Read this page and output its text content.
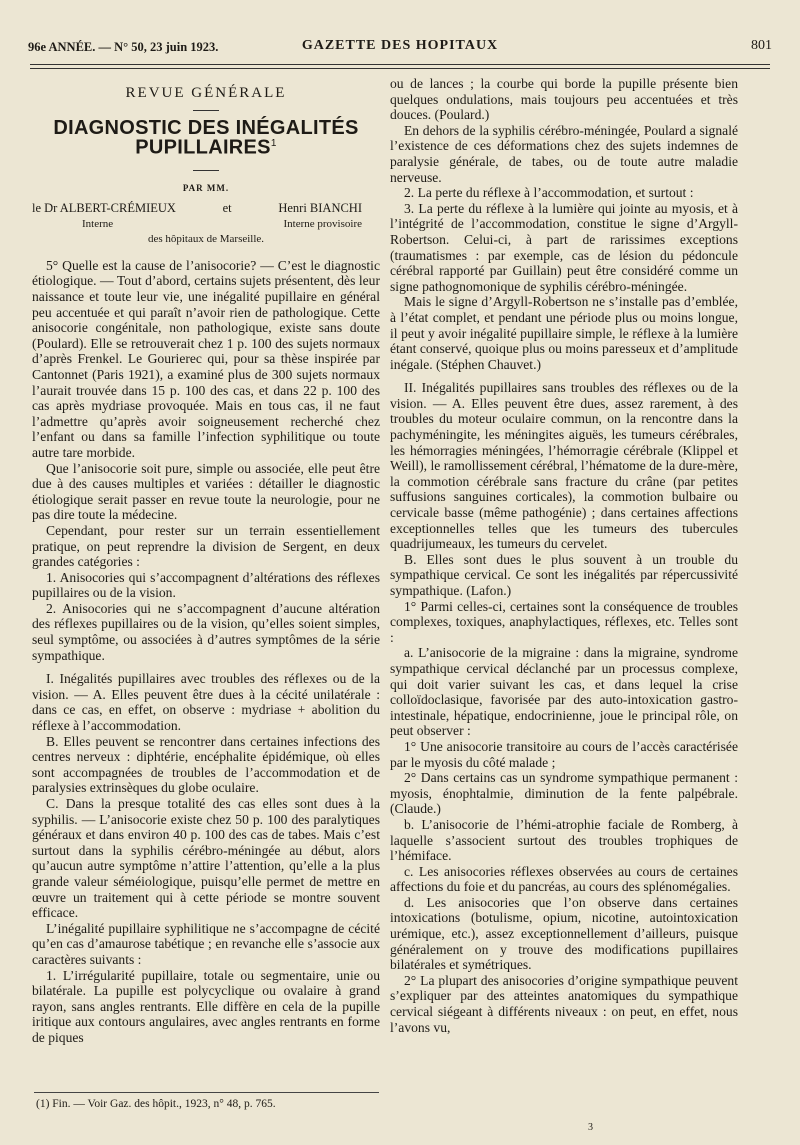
96e ANNÉE. — N° 50, 23 juin 1923.	GAZETTE DES HOPITAUX	801
REVUE GÉNÉRALE
DIAGNOSTIC DES INÉGALITÉS PUPILLAIRES$^1$
PAR MM.
le Dr ALBERT-CRÉMIEUX	et	Henri BIANCHI
Interne	Interne provisoire
des hôpitaux de Marseille.

5° Quelle est la cause de l’anisocorie? — C’est le diagnostic étiologique. — Tout d’abord, certains sujets présentent, dès leur naissance et toute leur vie, une inégalité pupillaire en général peu accentuée et qui paraît n’avoir rien de pathologique. Cette anisocorie congénitale, non pathologique, existe sans doute (Poulard). Elle se retrouverait chez 1 p. 100 des sujets normaux d’après Frenkel. Le Gourierec qui, pour sa thèse inspirée par Cantonnet (Paris 1921), a examiné plus de 300 sujets normaux l’aurait trouvée dans 15 p. 100 des cas, et dans 22 p. 100 des cas après mydriase provoquée. Mais en tous cas, il ne faut l’admettre qu’après avoir soigneusement recherché chez l’enfant ou dans sa famille l’infection syphilitique ou toute autre tare morbide.

Que l’anisocorie soit pure, simple ou associée, elle peut être due à des causes multiples et variées : détailler le diagnostic étiologique serait passer en revue toute la neurologie, pour ne pas dire toute la médecine.

Cependant, pour rester sur un terrain essentiellement pratique, on peut reprendre la division de Sergent, en deux grandes catégories :

1. Anisocories qui s’accompagnent d’altérations des réflexes pupillaires ou de la vision.

2. Anisocories qui ne s’accompagnent d’aucune altération des réflexes pupillaires ou de la vision, qu’elles soient simples, seul symptôme, ou associées à d’autres symptômes de la série sympathique.

I. Inégalités pupillaires avec troubles des réflexes ou de la vision. — A. Elles peuvent être dues à la cécité unilatérale : dans ce cas, en effet, on observe : mydriase + abolition du réflexe à l’accommodation.

B. Elles peuvent se rencontrer dans certaines infections des centres nerveux : diphtérie, encéphalite épidémique, où elles sont accompagnées de troubles de l’accommodation et de paralysies extrinsèques du globe oculaire.

C. Dans la presque totalité des cas elles sont dues à la syphilis. — L’anisocorie existe chez 50 p. 100 des paralytiques généraux et dans environ 40 p. 100 des cas de tabes. Mais c’est surtout dans la syphilis cérébro-méningée au début, alors qu’aucun autre symptôme n’attire l’attention, qu’elle a la plus grande valeur séméiologique, puisqu’elle permet de mettre en œuvre un traitement qui à cette période se montre souvent efficace.

L’inégalité pupillaire syphilitique ne s’accompagne de cécité qu’en cas d’amaurose tabétique ; en revanche elle s’associe aux caractères suivants :

1. L’irrégularité pupillaire, totale ou segmentaire, unie ou bilatérale. La pupille est polycyclique ou ovalaire à grand rayon, sans angles rentrants. Elle diffère en cela de la pupille iritique aux contours angulaires, avec angles rentrants en forme de piques

ou de lances ; la courbe qui borde la pupille présente bien quelques ondulations, mais toujours peu accentuées et très douces. (Poulard.)

En dehors de la syphilis cérébro-méningée, Poulard a signalé l’existence de ces déformations chez des sujets indemnes de paralysie générale, de tabes, ou de toute autre maladie nerveuse.

2. La perte du réflexe à l’accommodation, et surtout :

3. La perte du réflexe à la lumière qui jointe au myosis, et à l’intégrité de l’accommodation, constitue le signe d’Argyll-Robertson. Celui-ci, à part de rarissimes exceptions (traumatismes : par exemple, cas de lésion du pédoncule cérébral rapporté par Guillain) peut être considéré comme un signe pathognomonique de syphilis cérébro-méningée.

Mais le signe d’Argyll-Robertson ne s’installe pas d’emblée, à l’état complet, et pendant une période plus ou moins longue, il peut y avoir inégalité pupillaire simple, le réflexe à la lumière étant conservé, quoique plus ou moins paresseux et d’amplitude inégale. (Stéphen Chauvet.)

II. Inégalités pupillaires sans troubles des réflexes ou de la vision. — A. Elles peuvent être dues, assez rarement, à des troubles du moteur oculaire commun, on la rencontre dans la pachyméningite, les méningites aiguës, les tumeurs cérébrales, les hémorragies méningées, l’hémorragie cérébrale (Klippel et Weill), le ramollissement cérébral, l’hématome de la dure-mère, la commotion cérébrale sans fracture du crâne (par petites suffusions sanguines corticales), la commotion bulbaire ou cervicale basse (même pathogénie) ; dans certaines affections exceptionnelles telles que les tumeurs des tubercules quadrijumeaux, les tumeurs du cervelet.

B. Elles sont dues le plus souvent à un trouble du sympathique cervical. Ce sont les inégalités par répercussivité sympathique. (Lafon.)

1° Parmi celles-ci, certaines sont la conséquence de troubles complexes, toxiques, anaphylactiques, réflexes, etc. Telles sont :

a. L’anisocorie de la migraine : dans la migraine, syndrome sympathique cervical déclanché par un processus complexe, qui doit varier suivant les cas, et dans lequel la crise colloïdoclasique, favorisée par des auto-intoxication gastro-intestinale, hépatique, endocrinienne, joue le principal rôle, on peut observer :

1° Une anisocorie transitoire au cours de l’accès caractérisée par le myosis du côté malade ;

2° Dans certains cas un syndrome sympathique permanent : myosis, énophtalmie, diminution de la fente palpébrale. (Claude.)

b. L’anisocorie de l’hémi-atrophie faciale de Romberg, à laquelle s’associent surtout des troubles trophiques de l’hémiface.

c. Les anisocories réflexes observées au cours de certaines affections du foie et du pancréas, au cours des splénomégalies.

d. Les anisocories que l’on observe dans certaines intoxications (botulisme, opium, nicotine, autointoxication urémique, etc.), assez exceptionnellement d’ailleurs, puisque généralement on y trouve des modifications pupillaires bilatérales et symétriques.

2° La plupart des anisocories d’origine sympathique peuvent s’expliquer par des atteintes anatomiques du sympathique cervical siégeant à différents niveaux : on peut, en effet, nous l’avons vu,

(1) Fin. — Voir Gaz. des hôpit., 1923, n° 48, p. 765.
3
